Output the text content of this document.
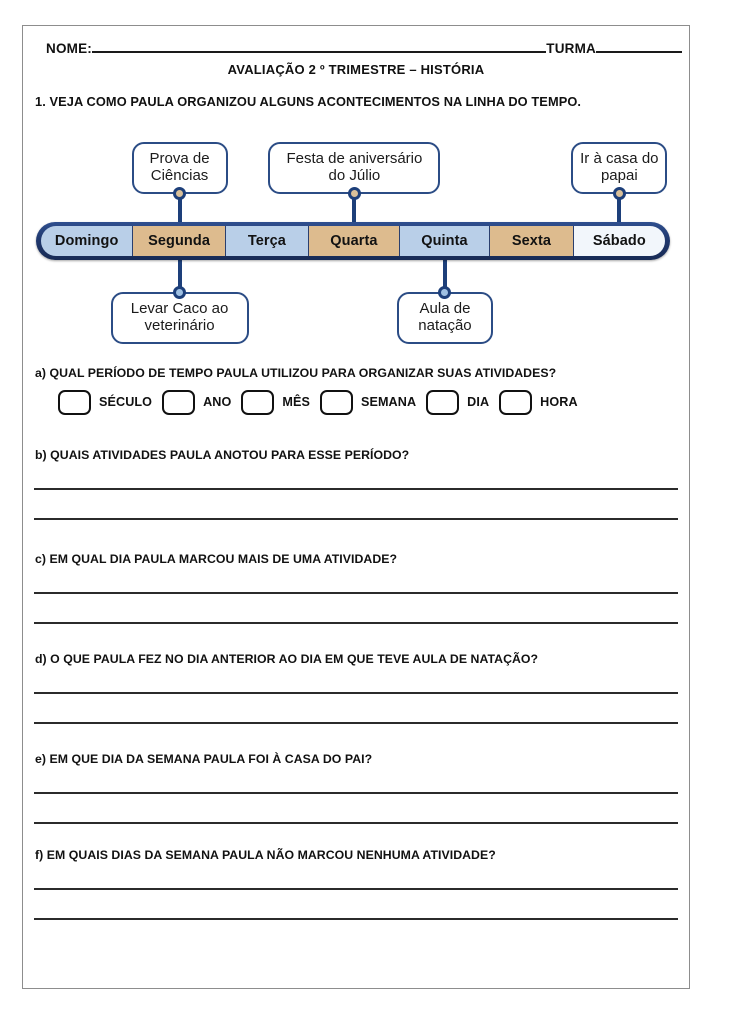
NOME:	TURMA
AVALIAÇÃO 2 º TRIMESTRE – HISTÓRIA
1. VEJA COMO PAULA ORGANIZOU ALGUNS ACONTECIMENTOS NA LINHA DO TEMPO.
Domingo Segunda	Terça	Quarta	Quinta	Sexta	Sábado
Prova de Ciências
Festa de aniversário do Júlio
Ir à casa do papai
Levar Caco ao veterinário
Aula de natação
a) QUAL PERÍODO DE TEMPO PAULA UTILIZOU PARA ORGANIZAR SUAS ATIVIDADES?
SÉCULO	ANO	MÊS	SEMANA	DIA	HORA
b) QUAIS ATIVIDADES PAULA ANOTOU PARA ESSE PERÍODO?
c) EM QUAL DIA PAULA MARCOU MAIS DE UMA ATIVIDADE?
d) O QUE PAULA FEZ NO DIA ANTERIOR AO DIA EM QUE TEVE AULA DE NATAÇÃO?
e) EM QUE DIA DA SEMANA PAULA FOI À CASA DO PAI?
f) EM QUAIS DIAS DA SEMANA PAULA NÃO MARCOU NENHUMA ATIVIDADE?
